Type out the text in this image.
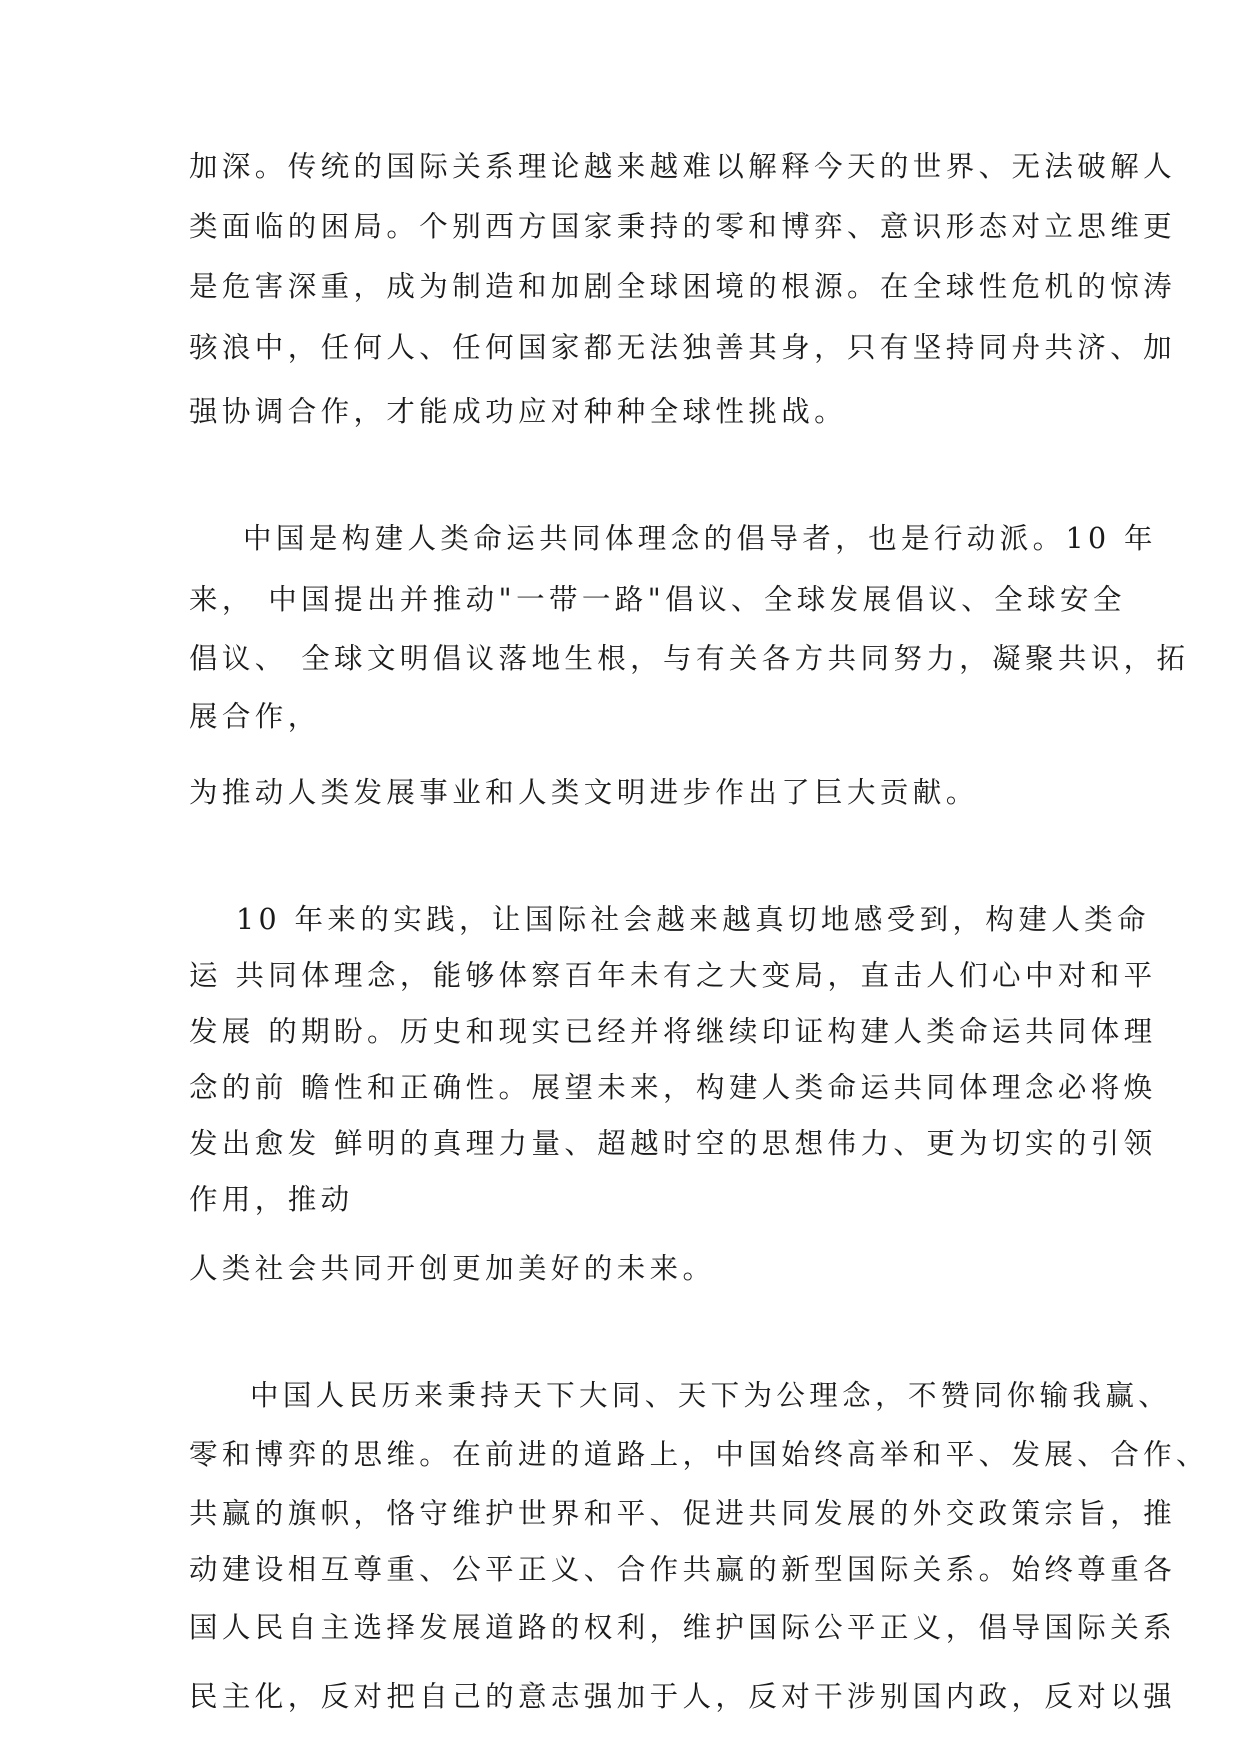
加深。传统的国际关系理论越来越难以解释今天的世界、无法破解人

类面临的困局。个别西方国家秉持的零和博弈、意识形态对立思维更

是危害深重，成为制造和加剧全球困境的根源。在全球性危机的惊涛

骇浪中，任何人、任何国家都无法独善其身，只有坚持同舟共济、加

强协调合作，才能成功应对种种全球性挑战。

中国是构建人类命运共同体理念的倡导者，也是行动派。10 年

来， 中国提出并推动"一带一路"倡议、全球发展倡议、全球安全

倡议、 全球文明倡议落地生根，与有关各方共同努力，凝聚共识，拓

展合作，

为推动人类发展事业和人类文明进步作出了巨大贡献。

10 年来的实践，让国际社会越来越真切地感受到，构建人类命

运 共同体理念，能够体察百年未有之大变局，直击人们心中对和平

发展 的期盼。历史和现实已经并将继续印证构建人类命运共同体理

念的前 瞻性和正确性。展望未来，构建人类命运共同体理念必将焕

发出愈发 鲜明的真理力量、超越时空的思想伟力、更为切实的引领

作用，推动

人类社会共同开创更加美好的未来。

中国人民历来秉持天下大同、天下为公理念，不赞同你输我赢、

零和博弈的思维。在前进的道路上，中国始终高举和平、发展、合作、

共赢的旗帜，恪守维护世界和平、促进共同发展的外交政策宗旨，推

动建设相互尊重、公平正义、合作共赢的新型国际关系。始终尊重各

国人民自主选择发展道路的权利，维护国际公平正义，倡导国际关系

民主化，反对把自己的意志强加于人，反对干涉别国内政，反对以强
